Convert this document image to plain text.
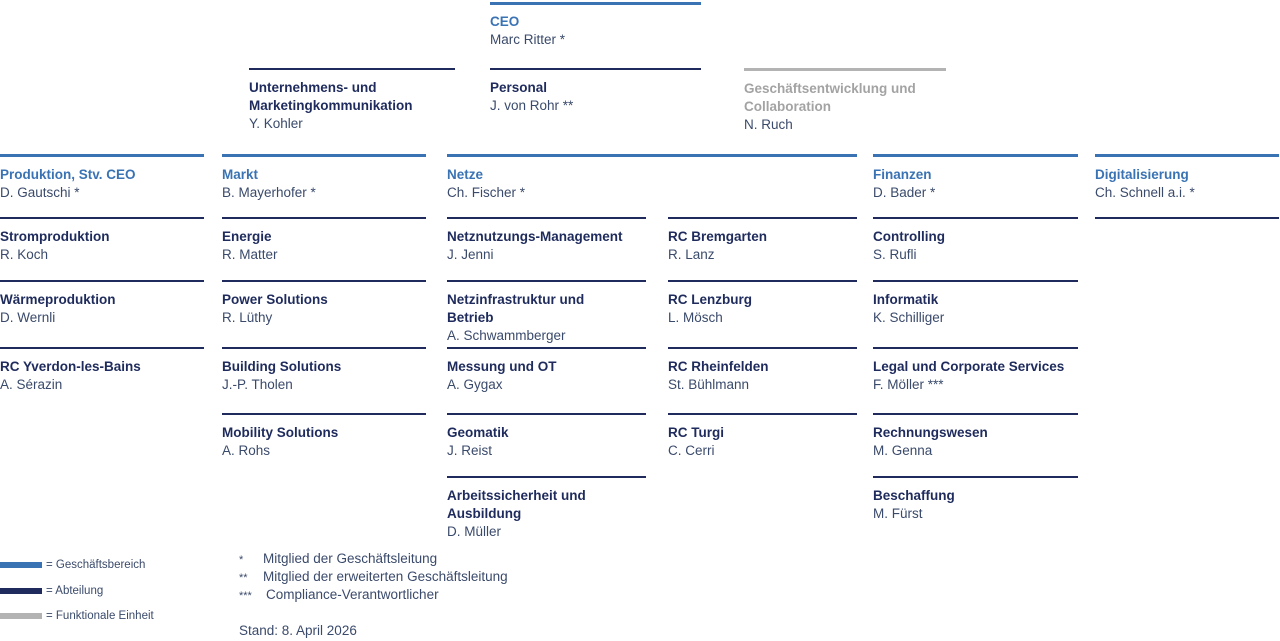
CEO
Marc Ritter *
Unternehmens- und
Marketingkommunikation
Y. Kohler
Personal
J. von Rohr **
Geschäftsentwicklung und
Collaboration
N. Ruch
Produktion, Stv. CEO
D. Gautschi *
Markt
B. Mayerhofer *
Netze
Ch. Fischer *
Finanzen
D. Bader *
Digitalisierung
Ch. Schnell a.i. *
Stromproduktion
R. Koch
Wärmeproduktion
D. Wernli
RC Yverdon-les-Bains
A. Sérazin
Energie
R. Matter
Power Solutions
R. Lüthy
Building Solutions
J.-P. Tholen
Mobility Solutions
A. Rohs
Netznutzungs-Management
J. Jenni
Netzinfrastruktur und
Betrieb
A. Schwammberger
Messung und OT
A. Gygax
Geomatik
J. Reist
Arbeitssicherheit und
Ausbildung
D. Müller
RC Bremgarten
R. Lanz
RC Lenzburg
L. Mösch
RC Rheinfelden
St. Bühlmann
RC Turgi
C. Cerri
Controlling
S. Rufli
Informatik
K. Schilliger
Legal und Corporate Services
F. Möller ***
Rechnungswesen
M. Genna
Beschaffung
M. Fürst
= Geschäftsbereich
= Abteilung
= Funktionale Einheit
* Mitglied der Geschäftsleitung
** Mitglied der erweiterten Geschäftsleitung
*** Compliance-Verantwortlicher
Stand: 8. April 2026
